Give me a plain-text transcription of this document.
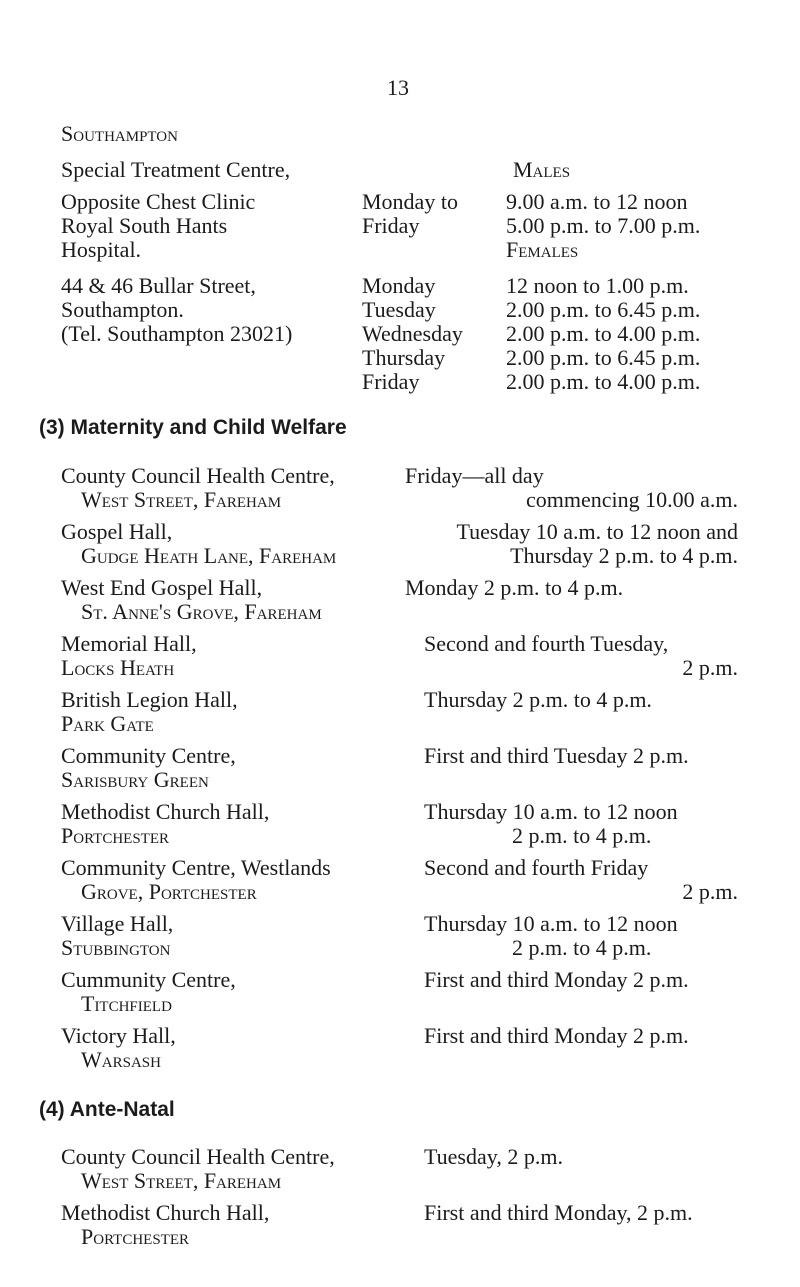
13
Southampton
Special Treatment Centre,
Opposite Chest Clinic
Royal South Hants
Hospital.
44 & 46 Bullar Street,
Southampton.
(Tel. Southampton 23021)
Males
Monday to
Friday
9.00 a.m. to 12 noon
5.00 p.m. to 7.00 p.m.
Females
Monday
Tuesday
Wednesday
Thursday
Friday
12 noon to 1.00 p.m.
2.00 p.m. to 6.45 p.m.
2.00 p.m. to 4.00 p.m.
2.00 p.m. to 6.45 p.m.
2.00 p.m. to 4.00 p.m.
(3) Maternity and Child Welfare
County Council Health Centre,
West Street, Fareham
Friday—all day
commencing 10.00 a.m.
Gospel Hall,
Gudge Heath Lane, Fareham
Tuesday 10 a.m. to 12 noon and
Thursday 2 p.m. to 4 p.m.
West End Gospel Hall,
St. Anne's Grove, Fareham
Monday 2 p.m. to 4 p.m.
Memorial Hall,
Locks Heath
Second and fourth Tuesday,
2 p.m.
British Legion Hall,
Park Gate
Thursday 2 p.m. to 4 p.m.
Community Centre,
Sarisbury Green
First and third Tuesday 2 p.m.
Methodist Church Hall,
Portchester
Thursday 10 a.m. to 12 noon
2 p.m. to 4 p.m.
Community Centre, Westlands
Grove, Portchester
Second and fourth Friday
2 p.m.
Village Hall,
Stubbington
Thursday 10 a.m. to 12 noon
2 p.m. to 4 p.m.
Cummunity Centre,
Titchfield
First and third Monday 2 p.m.
Victory Hall,
Warsash
First and third Monday 2 p.m.
(4) Ante-Natal
County Council Health Centre,
West Street, Fareham
Tuesday, 2 p.m.
Methodist Church Hall,
Portchester
First and third Monday, 2 p.m.
